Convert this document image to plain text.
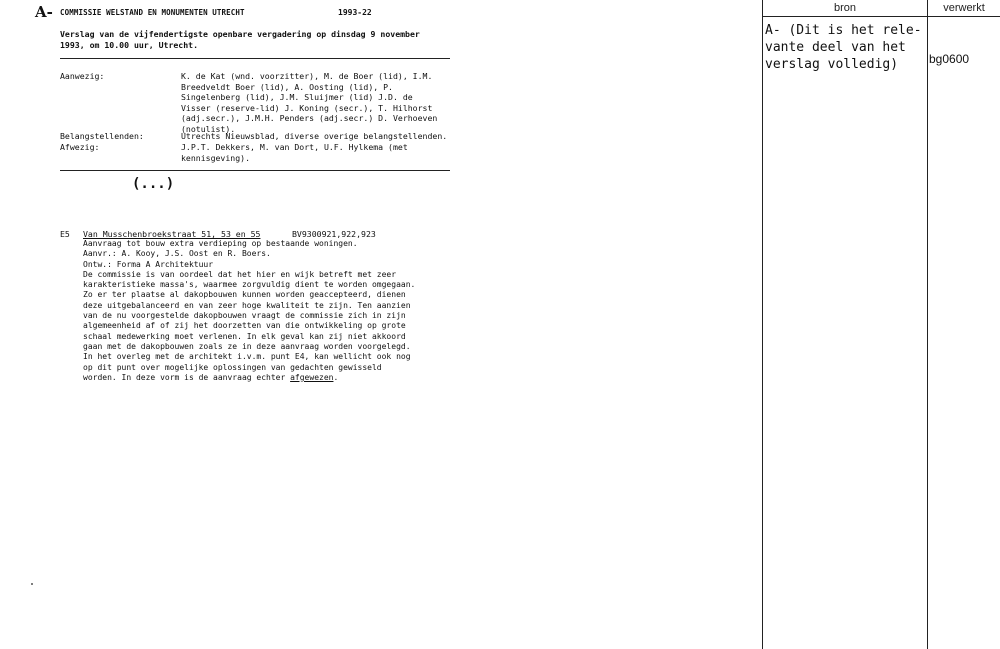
A- COMMISSIE WELSTAND EN MONUMENTEN UTRECHT	1993-22
Verslag van de vijfendertigste openbare vergadering op dinsdag 9 november
1993, om 10.00 uur, Utrecht.
Aanwezig:	K. de Kat (wnd. voorzitter), M. de Boer (lid), I.M.
Breedveldt Boer (lid), A. Oosting (lid), P.
Singelenberg (lid), J.M. Sluijmer (lid) J.D. de
Visser (reserve-lid) J. Koning (secr.), T. Hilhorst
(adj.secr.), J.M.H. Penders (adj.secr.) D. Verhoeven
(notulist).
Belangstellenden:	Utrechts Nieuwsblad, diverse overige belangstellenden.
Afwezig:	J.P.T. Dekkers, M. van Dort, U.F. Hylkema (met
kennisgeving).
(...)
E5 Van Musschenbroekstraat 51, 53 en 55	BV9300921,922,923
Aanvraag tot bouw extra verdieping op bestaande woningen.
Aanvr.: A. Kooy, J.S. Oost en R. Boers.
Ontw.: Forma A Architektuur
De commissie is van oordeel dat het hier en wijk betreft met zeer
karakteristieke massa's, waarmee zorgvuldig dient te worden omgegaan.
Zo er ter plaatse al dakopbouwen kunnen worden geaccepteerd, dienen
deze uitgebalanceerd en van zeer hoge kwaliteit te zijn. Ten aanzien
van de nu voorgestelde dakopbouwen vraagt de commissie zich in zijn
algemeenheid af of zij het doorzetten van die ontwikkeling op grote
schaal medewerking moet verlenen. In elk geval kan zij niet akkoord
gaan met de dakopbouwen zoals ze in deze aanvraag worden voorgelegd.
In het overleg met de architekt i.v.m. punt E4, kan wellicht ook nog
op dit punt over mogelijke oplossingen van gedachten gewisseld
worden. In deze vorm is de aanvraag echter afgewezen.
bron	verwerkt
A- (Dit is het rele-
vante deel van het
verslag volledig)	bg0600
